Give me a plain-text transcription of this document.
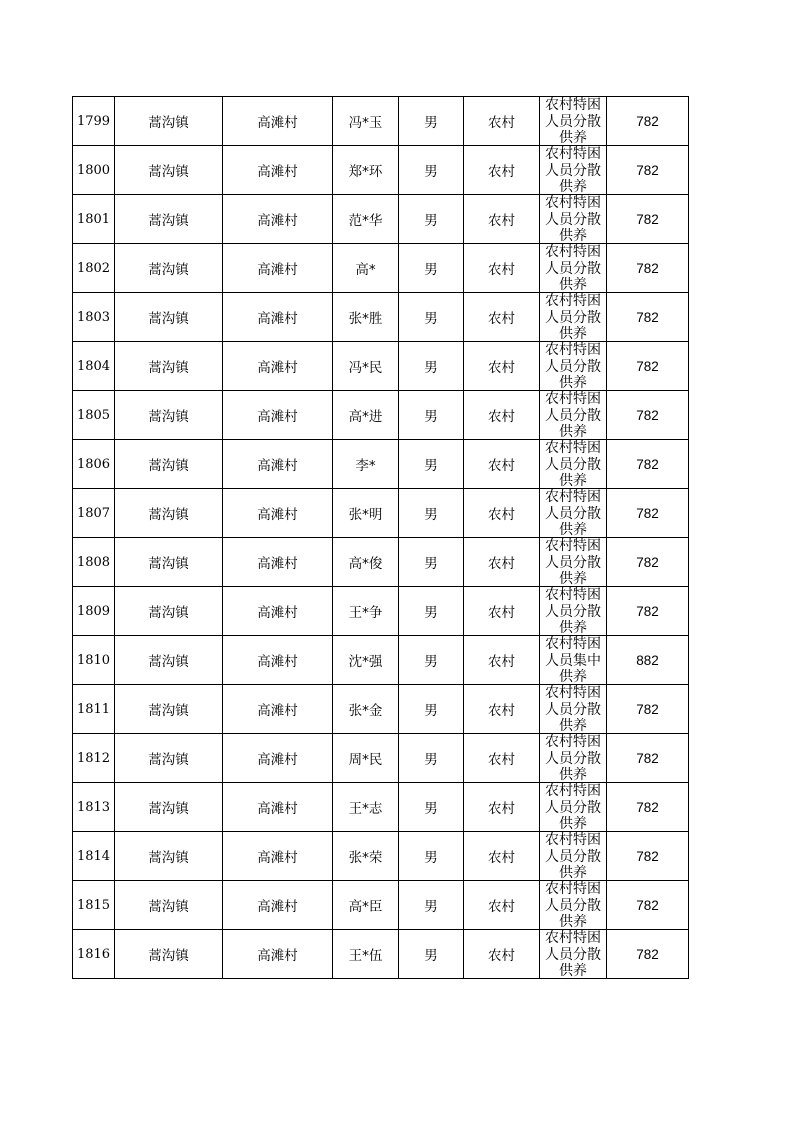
1799	蒿沟镇	高滩村	冯*玉	男	农村	农村特困人员分散供养	782
1800	蒿沟镇	高滩村	郑*环	男	农村	农村特困人员分散供养	782
1801	蒿沟镇	高滩村	范*华	男	农村	农村特困人员分散供养	782
1802	蒿沟镇	高滩村	高*	男	农村	农村特困人员分散供养	782
1803	蒿沟镇	高滩村	张*胜	男	农村	农村特困人员分散供养	782
1804	蒿沟镇	高滩村	冯*民	男	农村	农村特困人员分散供养	782
1805	蒿沟镇	高滩村	高*进	男	农村	农村特困人员分散供养	782
1806	蒿沟镇	高滩村	李*	男	农村	农村特困人员分散供养	782
1807	蒿沟镇	高滩村	张*明	男	农村	农村特困人员分散供养	782
1808	蒿沟镇	高滩村	高*俊	男	农村	农村特困人员分散供养	782
1809	蒿沟镇	高滩村	王*争	男	农村	农村特困人员分散供养	782
1810	蒿沟镇	高滩村	沈*强	男	农村	农村特困人员集中供养	882
1811	蒿沟镇	高滩村	张*金	男	农村	农村特困人员分散供养	782
1812	蒿沟镇	高滩村	周*民	男	农村	农村特困人员分散供养	782
1813	蒿沟镇	高滩村	王*志	男	农村	农村特困人员分散供养	782
1814	蒿沟镇	高滩村	张*荣	男	农村	农村特困人员分散供养	782
1815	蒿沟镇	高滩村	高*臣	男	农村	农村特困人员分散供养	782
1816	蒿沟镇	高滩村	王*伍	男	农村	农村特困人员分散供养	782
